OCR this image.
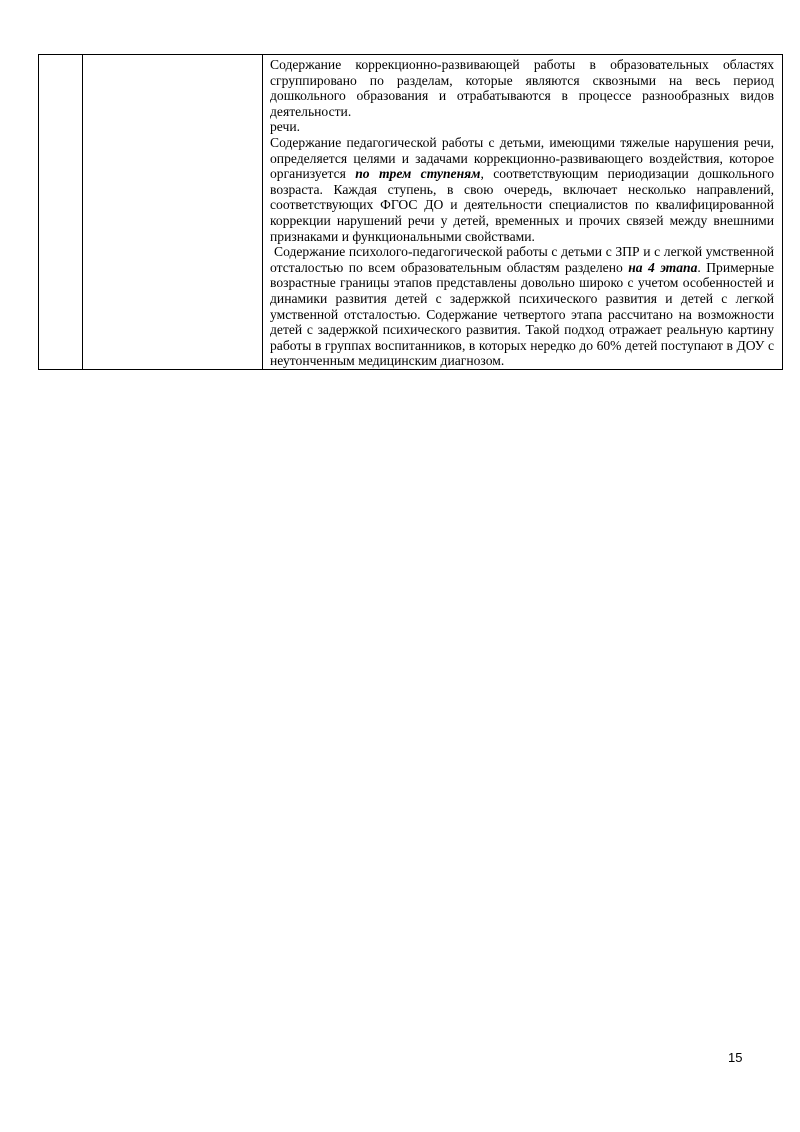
Содержание коррекционно-развивающей работы в образовательных областях сгруппировано по разделам, которые являются сквозными на весь период дошкольного образования и отрабатываются в процессе разнообразных видов деятельности.

речи.

Содержание педагогической работы с детьми, имеющими тяжелые нарушения речи, определяется целями и задачами коррекционно-развивающего воздействия, которое организуется по трем ступеням, соответствующим периодизации дошкольного возраста. Каждая ступень, в свою очередь, включает несколько направлений, соответствующих ФГОС ДО и деятельности специалистов по квалифицированной коррекции нарушений речи у детей, временных и прочих связей между внешними признаками и функциональными свойствами.

Содержание психолого-педагогической работы с детьми с ЗПР и с легкой умственной отсталостью по всем образовательным областям разделено на 4 этапа. Примерные возрастные границы этапов представлены довольно широко с учетом особенностей и динамики развития детей с задержкой психического развития и детей с легкой умственной отсталостью. Содержание четвертого этапа рассчитано на возможности детей с задержкой психического развития. Такой подход отражает реальную картину работы в группах воспитанников, в которых нередко до 60% детей поступают в ДОУ с неутонченным медицинским диагнозом.

15
